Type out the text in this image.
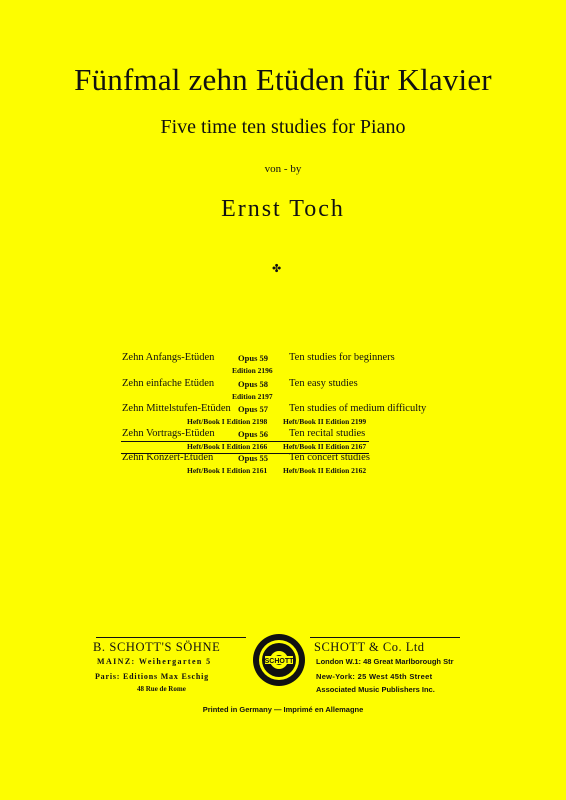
Fünfmal zehn Etüden für Klavier
Five time ten studies for Piano
von - by
Ernst Toch
✤
Zehn Anfangs-Etüden	Opus 59 Ten studies for beginners
Edition 2196
Zehn einfache Etüden	Opus 58 Ten easy studies
Edition 2197
Zehn Mittelstufen-Etüden Opus 57 Ten studies of medium difficulty
Heft/Book I Edition 2198 Heft/Book II Edition 2199
Zehn Vortrags-Etüden	Opus 56 Ten recital studies
Heft/Book I Edition 2166 Heft/Book II Edition 2167
Zehn Konzert-Etüden	Opus 55 Ten concert studies
Heft/Book I Edition 2161 Heft/Book II Edition 2162
B. SCHOTT'S SÖHNE
MAINZ: Weihergarten 5
Paris: Editions Max Eschig
48 Rue de Rome
SCHOTT
SCHOTT & Co. Ltd
London W.1: 48 Great Marlborough Str
New-York: 25 West 45th Street
Associated Music Publishers Inc.
Printed in Germany — Imprimé en Allemagne
